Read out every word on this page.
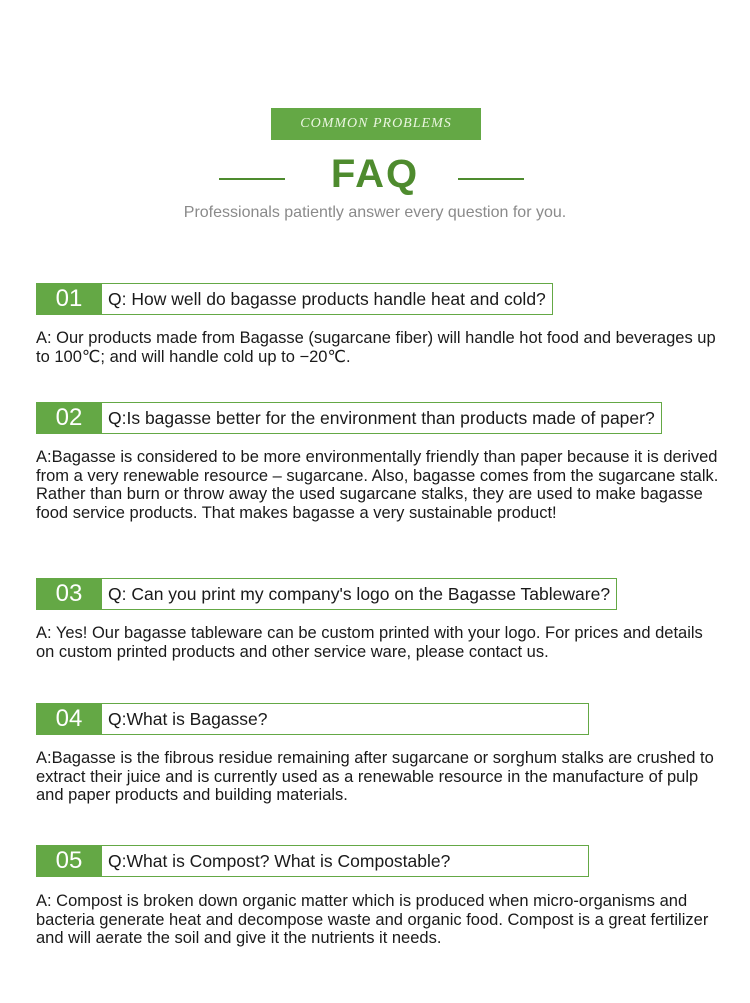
COMMON PROBLEMS
FAQ
Professionals patiently answer every question for you.
01	Q: How well do bagasse products handle heat and cold?
A: Our products made from Bagasse (sugarcane fiber) will handle hot food and beverages up to 100℃; and will handle cold up to −20℃.
02	Q:Is bagasse better for the environment than products made of paper?
A:Bagasse is considered to be more environmentally friendly than paper because it is derived from a very renewable resource – sugarcane. Also, bagasse comes from the sugarcane stalk. Rather than burn or throw away the used sugarcane stalks, they are used to make bagasse food service products. That makes bagasse a very sustainable product!
03	Q: Can you print my company's logo on the Bagasse Tableware?
A: Yes! Our bagasse tableware can be custom printed with your logo. For prices and details on custom printed products and other service ware, please contact us.
04	Q:What is Bagasse?
A:Bagasse is the fibrous residue remaining after sugarcane or sorghum stalks are crushed to extract their juice and is currently used as a renewable resource in the manufacture of pulp and paper products and building materials.
05	Q:What is Compost? What is Compostable?
A: Compost is broken down organic matter which is produced when micro-organisms and bacteria generate heat and decompose waste and organic food. Compost is a great fertilizer and will aerate the soil and give it the nutrients it needs.
